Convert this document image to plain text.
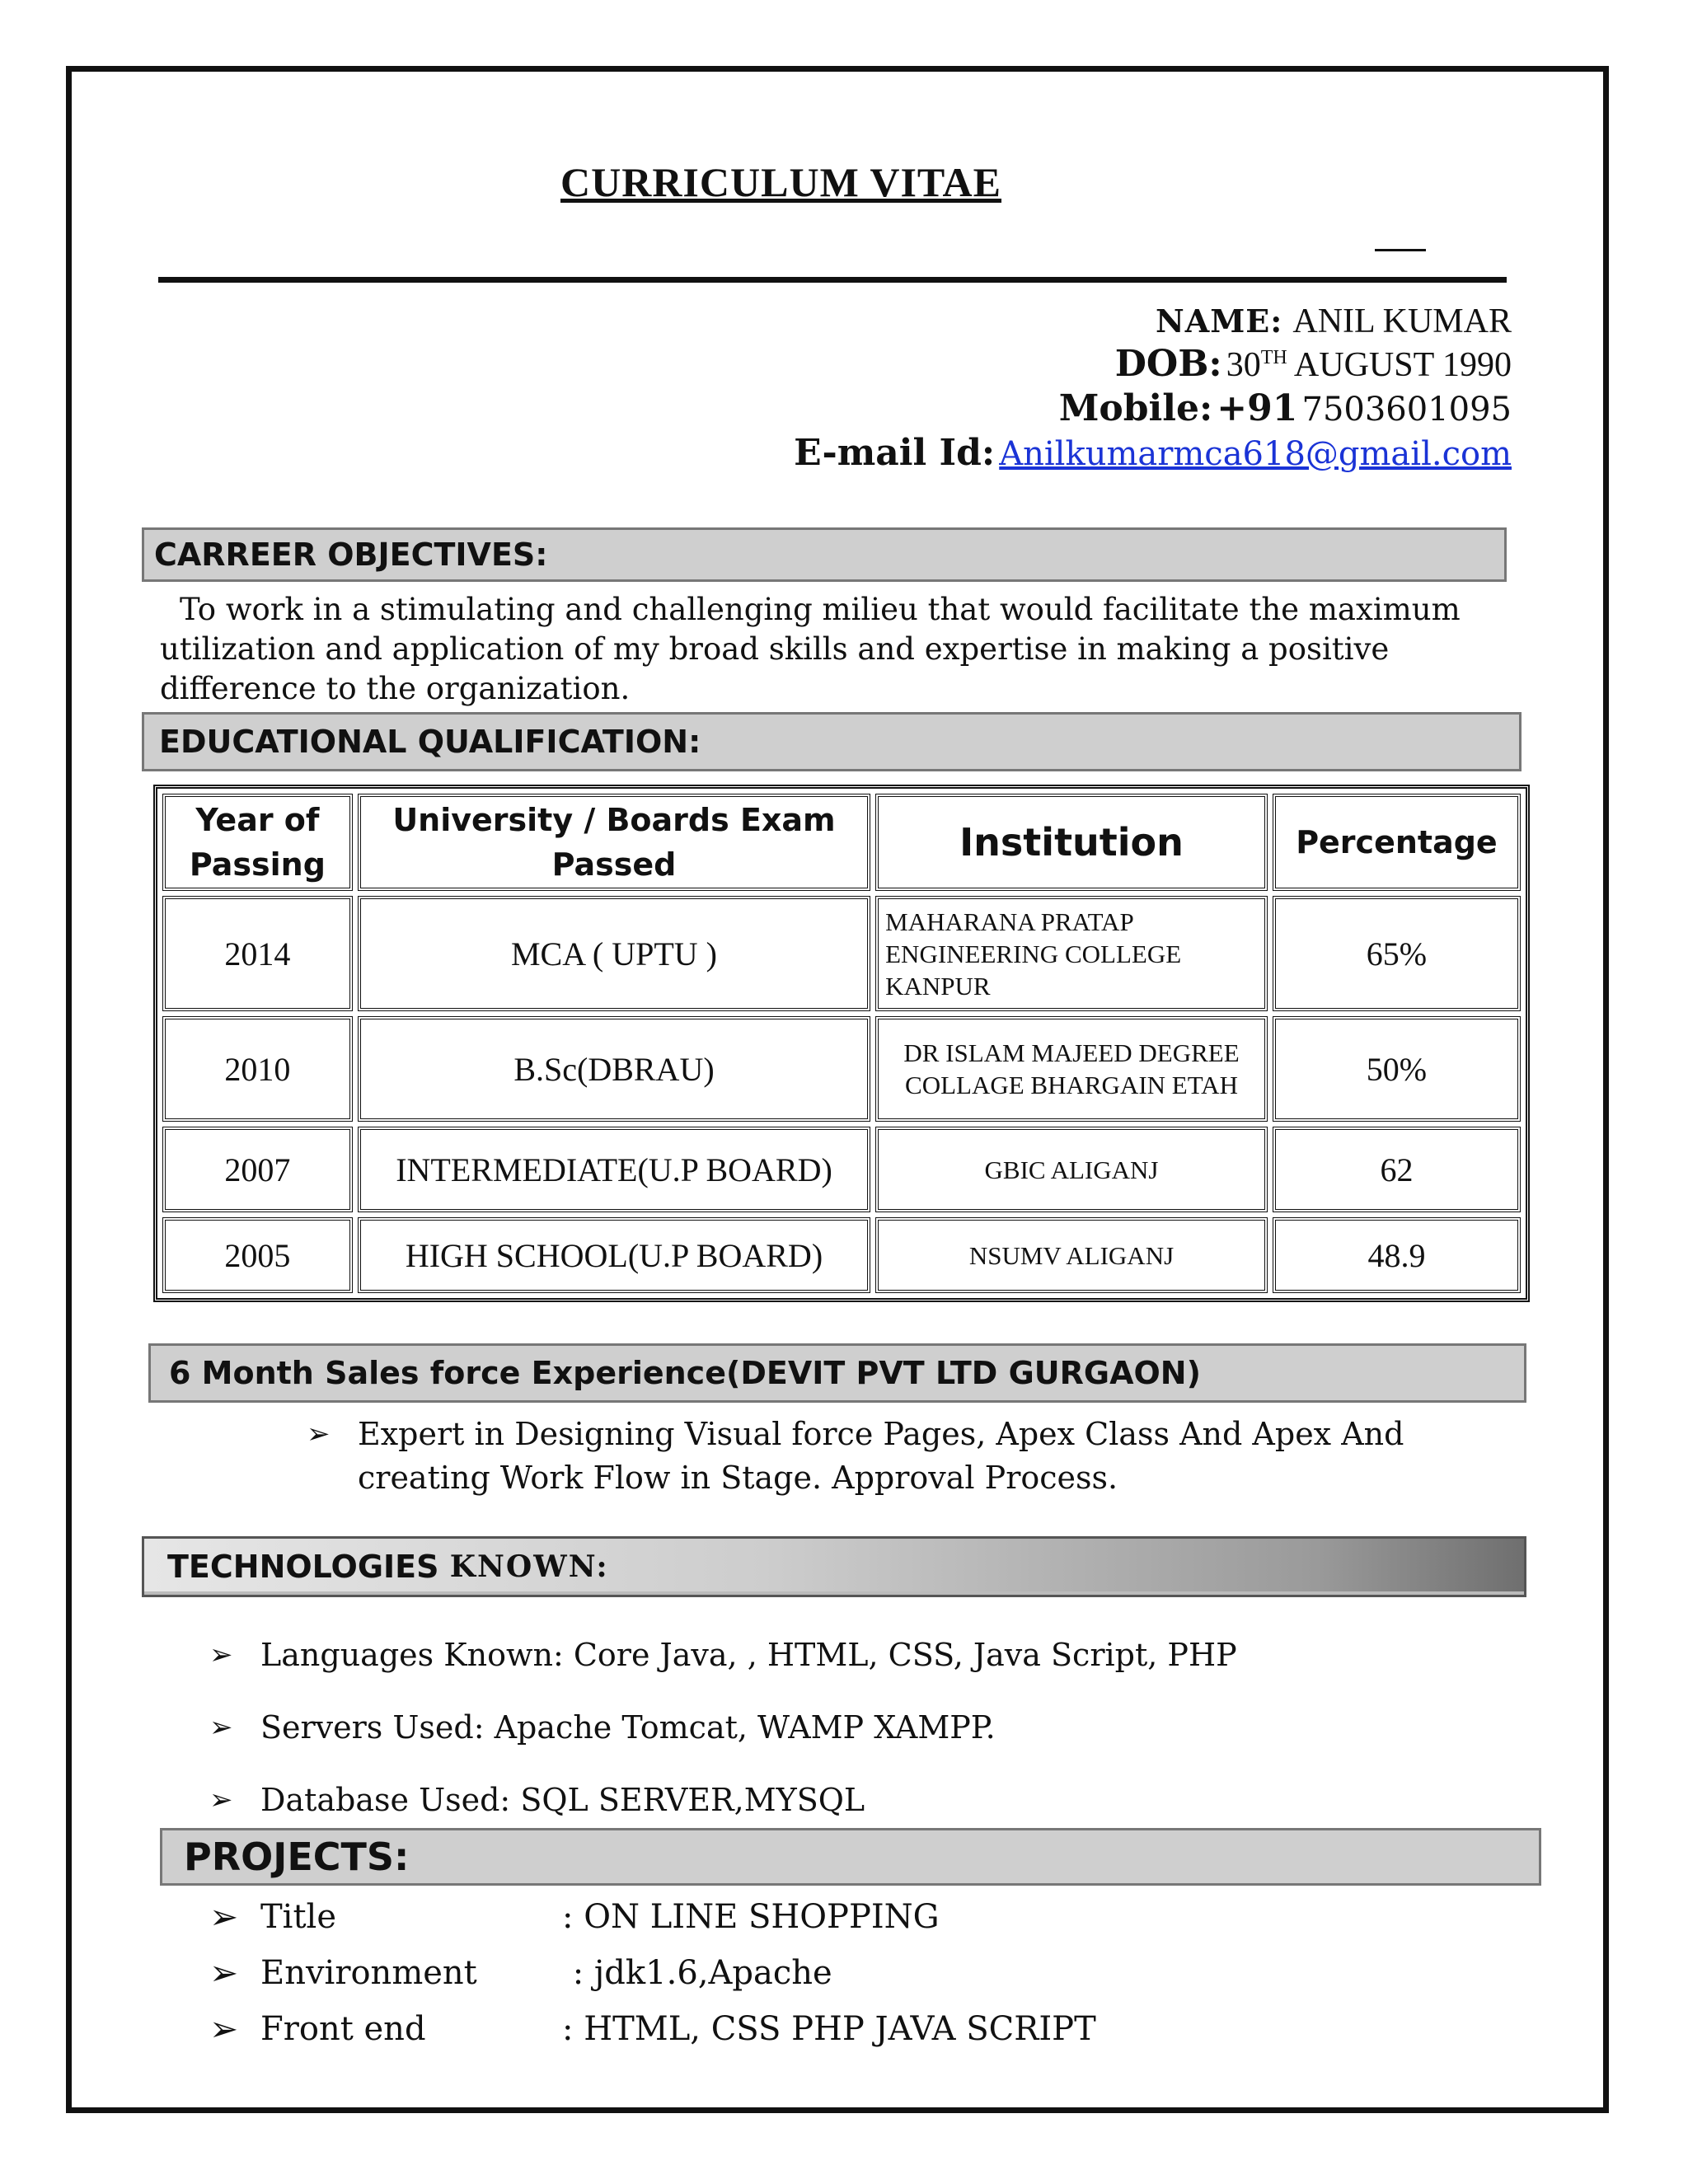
CURRICULUM VITAE
NAME: ANIL KUMAR
DOB: 30TH AUGUST 1990
Mobile: +91 7503601095
E-mail Id: Anilkumarmca618@gmail.com
CARREER OBJECTIVES:
To work in a stimulating and challenging milieu that would facilitate the maximum utilization and application of my broad skills and expertise in making a positive difference to the organization.
EDUCATIONAL QUALIFICATION:
Year of Passing	University / Boards Exam Passed	Institution	Percentage
2014	MCA ( UPTU )	MAHARANA PRATAP ENGINEERING COLLEGE KANPUR	65%
2010	B.Sc(DBRAU)	DR ISLAM MAJEED DEGREE COLLAGE BHARGAIN ETAH	50%
2007	INTERMEDIATE(U.P BOARD)	GBIC ALIGANJ	62
2005	HIGH SCHOOL(U.P BOARD)	NSUMV ALIGANJ	48.9
6 Month Sales force Experience(DEVIT PVT LTD GURGAON)
➢ Expert in Designing Visual force Pages, Apex Class And Apex And creating Work Flow in Stage. Approval Process.
TECHNOLOGIES
KNOWN:
➢ Languages Known: Core Java, , HTML, CSS, Java Script, PHP
➢ Servers Used: Apache Tomcat, WAMP XAMPP.
➢ Database Used: SQL SERVER,MYSQL
PROJECTS:
➢ Title	: ON LINE SHOPPING
➢ Environment	: jdk1.6,Apache
➢ Front end	: HTML, CSS PHP JAVA SCRIPT
